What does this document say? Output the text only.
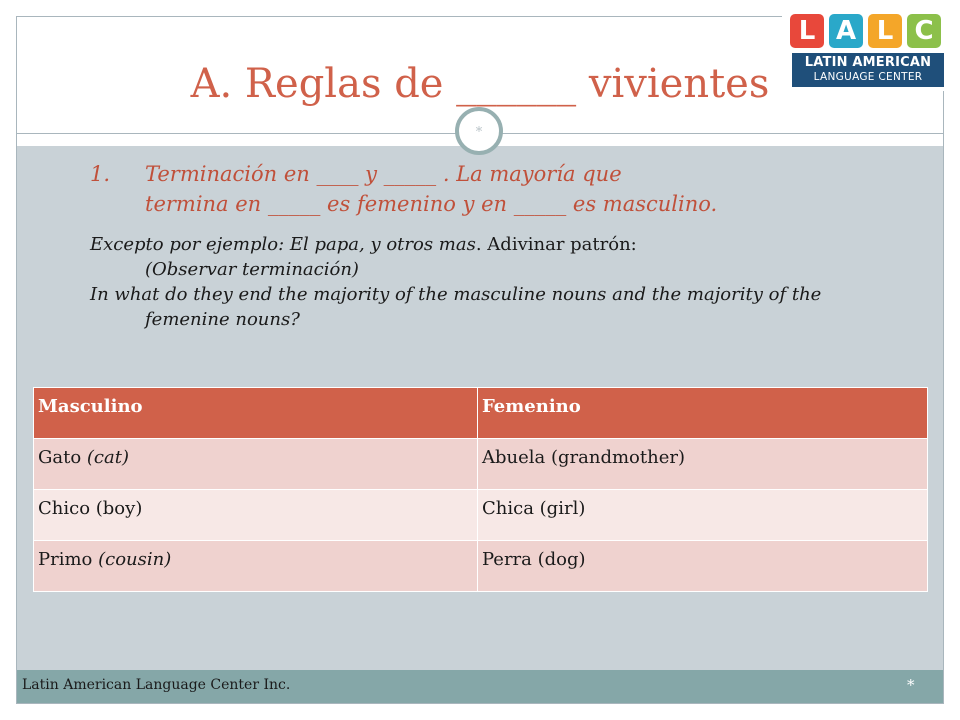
A. Reglas de ______ vivientes
*
L A L C
LATIN AMERICAN
LANGUAGE CENTER

1. Terminación en ____ y _____ . La mayoría que
termina en _____ es femenino y en _____ es masculino.

Excepto por ejemplo: El papa, y otros mas. Adivinar patrón:
(Observar terminación)

In what do they end the majority of the masculine nouns and the majority of the femenine nouns?

Masculino	Femenino
Gato (cat)	Abuela (grandmother)
Chico (boy)	Chica (girl)
Primo (cousin)	Perra (dog)
Latin American Language Center Inc.	*
